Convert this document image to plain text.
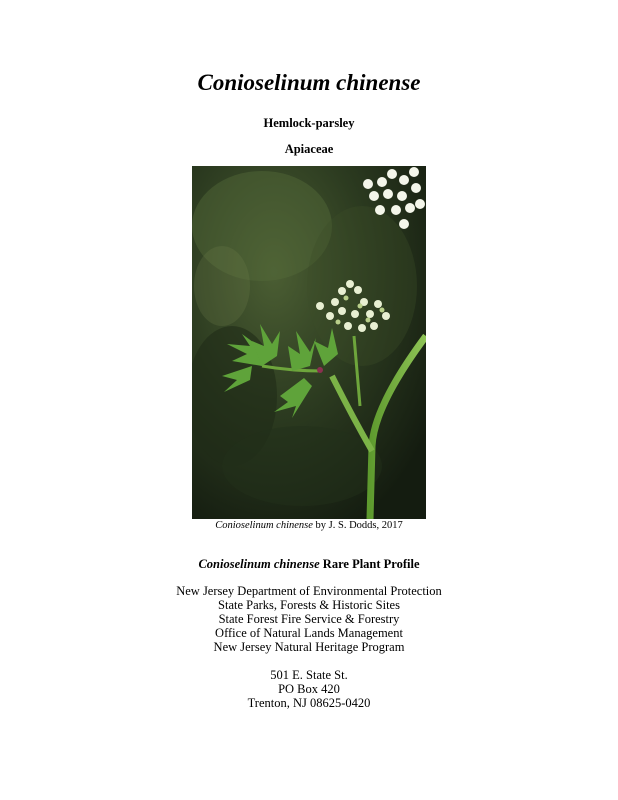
Conioselinum chinense
Hemlock-parsley
Apiaceae
Conioselinum chinense by J. S. Dodds, 2017
Conioselinum chinense Rare Plant Profile
New Jersey Department of Environmental Protection
State Parks, Forests & Historic Sites
State Forest Fire Service & Forestry
Office of Natural Lands Management
New Jersey Natural Heritage Program
501 E. State St.
PO Box 420
Trenton, NJ 08625-0420
